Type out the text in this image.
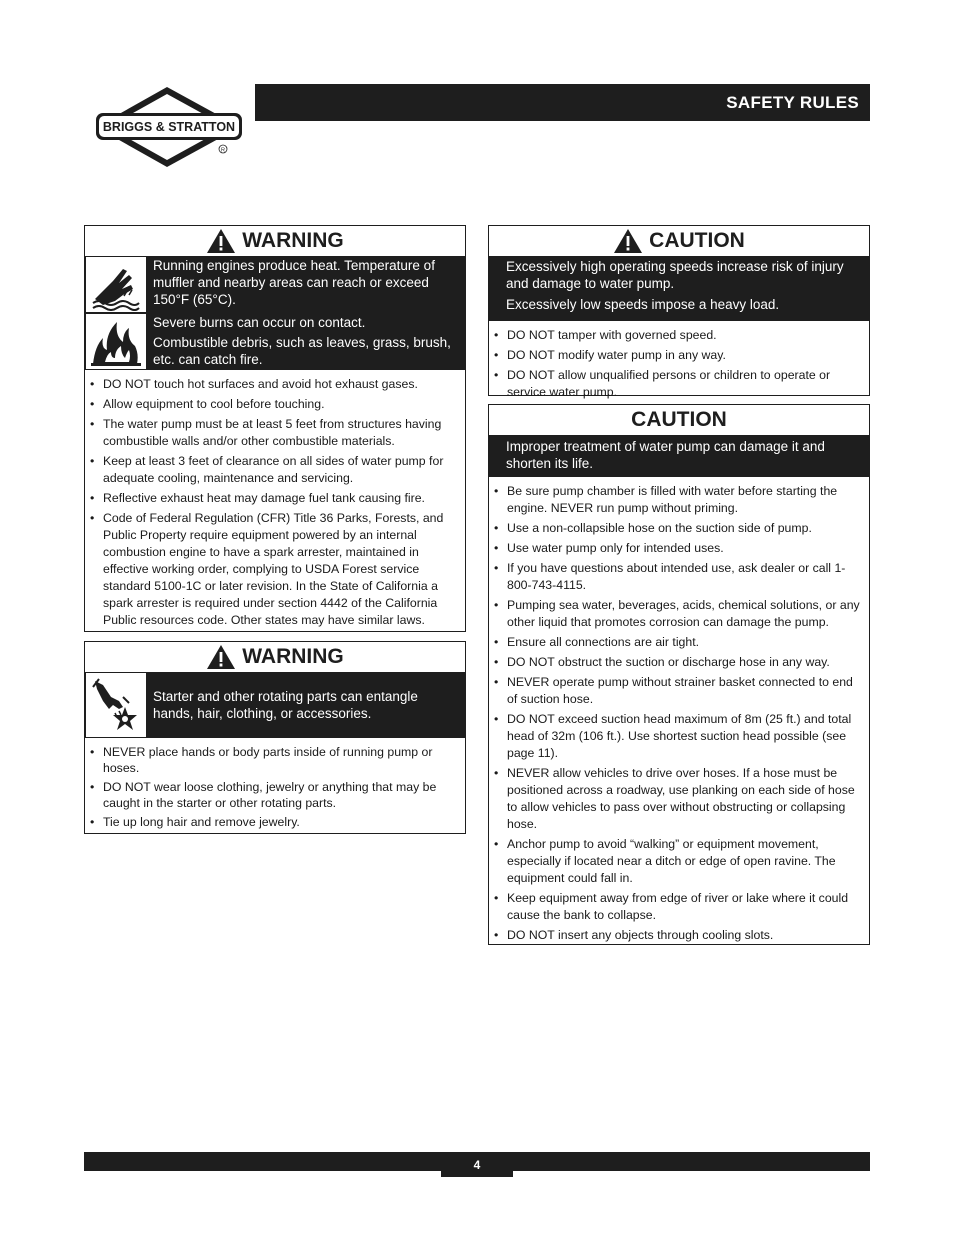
BRIGGS & STRATTON
R
SAFETY RULES
WARNING

Running engines produce heat. Temperature of muffler and nearby areas can reach or exceed 150°F (65°C).

Severe burns can occur on contact.

Combustible debris, such as leaves, grass, brush, etc. can catch fire.

• DO NOT touch hot surfaces and avoid hot exhaust gases.
• Allow equipment to cool before touching.
• The water pump must be at least 5 feet from structures having combustible walls and/or other combustible materials.
• Keep at least 3 feet of clearance on all sides of water pump for adequate cooling, maintenance and servicing.
• Reflective exhaust heat may damage fuel tank causing fire.
• Code of Federal Regulation (CFR) Title 36 Parks, Forests, and Public Property require equipment powered by an internal combustion engine to have a spark arrester, maintained in effective working order, complying to USDA Forest service standard 5100-1C or later revision. In the State of California a spark arrester is required under section 4442 of the California Public resources code. Other states may have similar laws.
WARNING

Starter and other rotating parts can entangle hands, hair, clothing, or accessories.

• NEVER place hands or body parts inside of running pump or hoses.
• DO NOT wear loose clothing, jewelry or anything that may be caught in the starter or other rotating parts.
• Tie up long hair and remove jewelry.
CAUTION

Excessively high operating speeds increase risk of injury and damage to water pump.

Excessively low speeds impose a heavy load.

• DO NOT tamper with governed speed.
• DO NOT modify water pump in any way.
• DO NOT allow unqualified persons or children to operate or service water pump.
CAUTION

Improper treatment of water pump can damage it and shorten its life.

• Be sure pump chamber is filled with water before starting the engine. NEVER run pump without priming.
• Use a non-collapsible hose on the suction side of pump.
• Use water pump only for intended uses.
• If you have questions about intended use, ask dealer or call 1-800-743-4115.
• Pumping sea water, beverages, acids, chemical solutions, or any other liquid that promotes corrosion can damage the pump.
• Ensure all connections are air tight.
• DO NOT obstruct the suction or discharge hose in any way.
• NEVER operate pump without strainer basket connected to end of suction hose.
• DO NOT exceed suction head maximum of 8m (25 ft.) and total head of 32m (106 ft.). Use shortest suction head possible (see page 11).
• NEVER allow vehicles to drive over hoses. If a hose must be positioned across a roadway, use planking on each side of hose to allow vehicles to pass over without obstructing or collapsing hose.
• Anchor pump to avoid “walking” or equipment movement, especially if located near a ditch or edge of open ravine. The equipment could fall in.
• Keep equipment away from edge of river or lake where it could cause the bank to collapse.
• DO NOT insert any objects through cooling slots.
4
